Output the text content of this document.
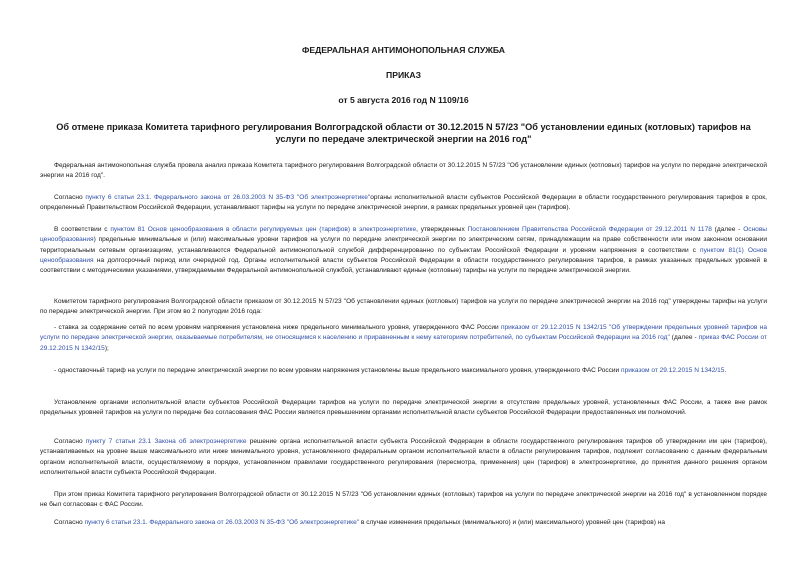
ФЕДЕРАЛЬНАЯ АНТИМОНОПОЛЬНАЯ СЛУЖБА
ПРИКАЗ
от 5 августа 2016 год N 1109/16
Об отмене приказа Комитета тарифного регулирования Волгоградской области от 30.12.2015 N 57/23 "Об установлении единых (котловых) тарифов на услуги по передаче электрической энергии на 2016 год"

Федеральная антимонопольная служба провела анализ приказа Комитета тарифного регулирования Волгоградской области от 30.12.2015 N 57/23 "Об установлении единых (котловых) тарифов на услуги по передаче электрической энергии на 2016 год".

Согласно пункту 6 статьи 23.1. Федерального закона от 26.03.2003 N 35-ФЗ "Об электроэнергетике"органы исполнительной власти субъектов Российской Федерации в области государственного регулирования тарифов в срок, определенный Правительством Российской Федерации, устанавливают тарифы на услуги по передаче электрической энергии, в рамках предельных уровней цен (тарифов).

В соответствии с пунктом 81 Основ ценообразования в области регулируемых цен (тарифов) в электроэнергетике, утвержденных Постановлением Правительства Российской Федерации от 29.12.2011 N 1178 (далее - Основы ценообразования) предельные минимальные и (или) максимальные уровни тарифов на услуги по передаче электрической энергии по электрическим сетям, принадлежащим на праве собственности или ином законном основании территориальным сетевым организациям, устанавливаются Федеральной антимонопольной службой дифференцированно по субъектам Российской Федерации и уровням напряжения в соответствии с пунктом 81(1) Основ ценообразования на долгосрочный период или очередной год. Органы исполнительной власти субъектов Российской Федерации в области государственного регулирования тарифов, в рамках указанных предельных уровней в соответствии с методическими указаниями, утверждаемыми Федеральной антимонопольной службой, устанавливают единые (котловые) тарифы на услуги по передаче электрической энергии.

Комитетом тарифного регулирования Волгоградской области приказом от 30.12.2015 N 57/23 "Об установлении единых (котловых) тарифов на услуги по передаче электрической энергии на 2016 год" утверждены тарифы на услуги по передаче электрической энергии. При этом во 2 полугодии 2016 года:

- ставка за содержание сетей по всем уровням напряжения установлена ниже предельного минимального уровня, утвержденного ФАС России приказом от 29.12.2015 N 1342/15 "Об утверждении предельных уровней тарифов на услуги по передаче электрической энергии, оказываемые потребителям, не относящимся к населению и приравненным к нему категориям потребителей, по субъектам Российской Федерации на 2016 год" (далее - приказ ФАС России от 29.12.2015 N 1342/15);

- одноставочный тариф на услуги по передаче электрической энергии по всем уровням напряжения установлены выше предельного максимального уровня, утвержденного ФАС России приказом от 29.12.2015 N 1342/15.

Установление органами исполнительной власти субъектов Российской Федерации тарифов на услуги по передаче электрической энергии в отсутствие предельных уровней, установленных ФАС России, а также вне рамок предельных уровней тарифов на услуги по передаче без согласования ФАС России является превышением органами исполнительной власти субъектов Российской Федерации предоставленных им полномочий.

Согласно пункту 7 статьи 23.1 Закона об электроэнергетике решение органа исполнительной власти субъекта Российской Федерации в области государственного регулирования тарифов об утверждении им цен (тарифов), устанавливаемых на уровне выше максимального или ниже минимального уровня, установленного федеральным органом исполнительной власти в области регулирования тарифов, подлежит согласованию с данным федеральным органом исполнительной власти, осуществляемому в порядке, установленном правилами государственного регулирования (пересмотра, применения) цен (тарифов) в электроэнергетике, до принятия данного решения органом исполнительной власти субъекта Российской Федерации.

При этом приказ Комитета тарифного регулирования Волгоградской области от 30.12.2015 N 57/23 "Об установлении единых (котловых) тарифов на услуги по передаче электрической энергии на 2016 год" в установленном порядке не был согласован с ФАС России.

Согласно пункту 6 статьи 23.1. Федерального закона от 26.03.2003 N 35-ФЗ "Об электроэнергетике" в случае изменения предельных (минимального) и (или) максимального) уровней цен (тарифов) на
